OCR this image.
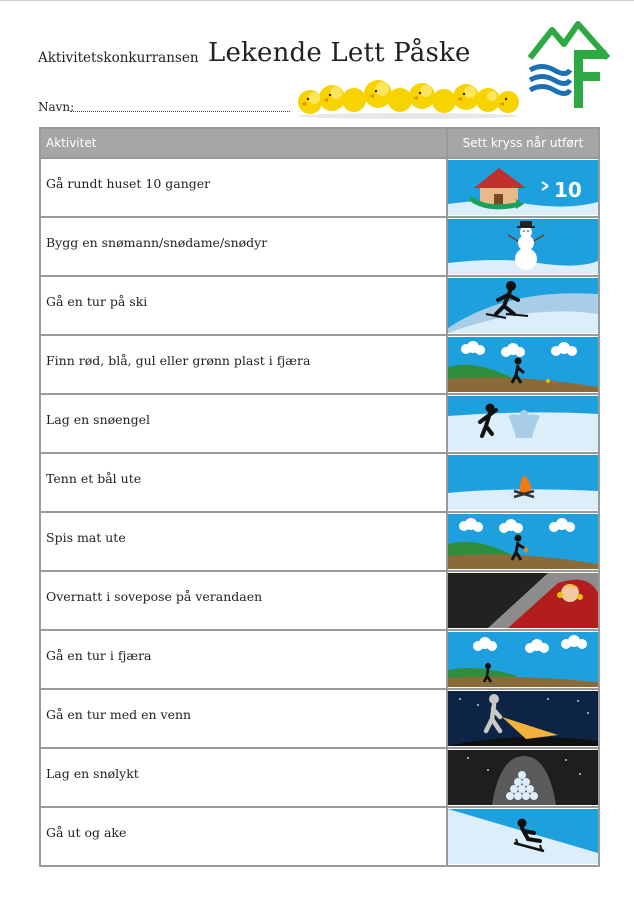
Aktivitetskonkurransen Lekende Lett Påske
Navn:
Aktivitet	Sett kryss når utført
Gå rundt huset 10 ganger	10

Bygg en snømann/snødame/snødyr	

Gå en tur på ski	

Finn rød, blå, gul eller grønn plast i fjæra	

Lag en snøengel	

Tenn et bål ute	

Spis mat ute	

Overnatt i sovepose på verandaen	

Gå en tur i fjæra	

Gå en tur med en venn	

Lag en snølykt	

Gå ut og ake	
